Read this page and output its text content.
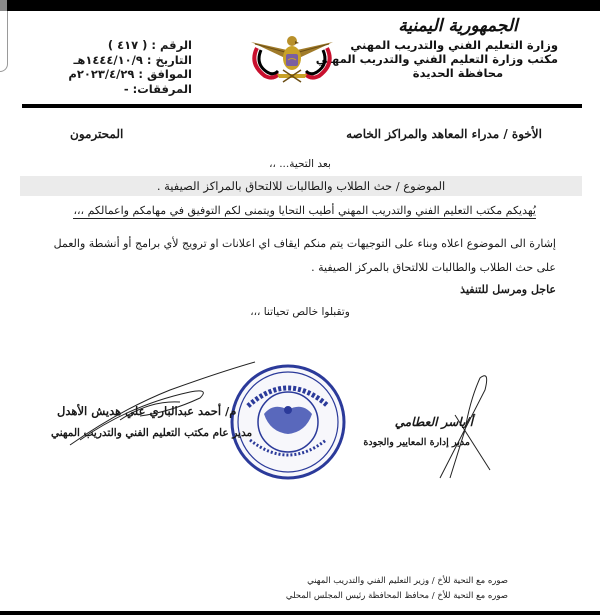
الجمهورية اليمنية
وزارة التعليم الفني والتدريب المهني
مكتب وزارة التعليم الفني والتدريب المهني
محافظة الحديدة
الرقم :
( ٤١٧ )
التاريخ :
١٤٤٤/١٠/٩هـ
الموافق :
٢٠٢٣/٤/٢٩م
المرفقات:
-
الأخوة / مدراء المعاهد والمراكز الخاصه
المحترمون
بعد التحية... ،،
الموضوع / حث الطلاب والطالبات للالتحاق بالمراكز الصيفية .
يُهديكم مكتب التعليم الفني والتدريب المهني أطيب التحايا ويتمنى لكم التوفيق في مهامكم واعمالكم ،،،
إشارة الى الموضوع اعلاه وبناء على التوجيهات يتم منكم ايقاف اي اعلانات او ترويج لأي برامج أو أنشطة والعمل على حث الطلاب والطالبات للالتحاق بالمركز الصيفية .
عاجل ومرسل للتنفيذ
وتقبلوا خالص تحياتنا ،،،
أ/ياسر العطامي
مدير إدارة المعايير والجودة
م/ أحمد عبدالباري علي هديش الأهدل
مدير عام مكتب التعليم الفني والتدريب المهني
صوره مع التحية للأخ / وزير التعليم الفني والتدريب المهني
صوره مع التحية للأخ / محافظ المحافظة رئيس المجلس المحلي
